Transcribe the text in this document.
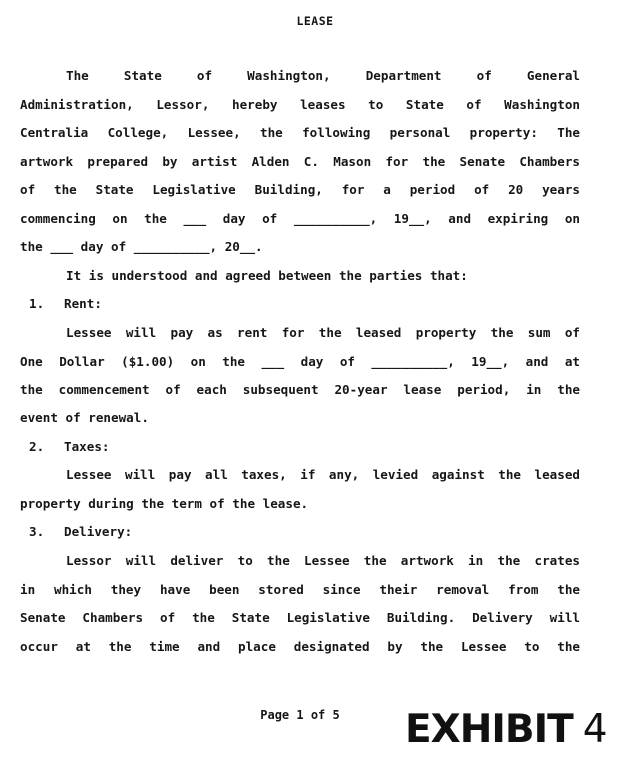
LEASE
The State of Washington, Department of General
Administration, Lessor, hereby leases to State of Washington
Centralia College, Lessee, the following personal property: The
artwork prepared by artist Alden C. Mason for the Senate Chambers
of the State Legislative Building, for a period of 20 years
commencing on the ___ day of __________, 19__, and expiring on
the ___ day of __________, 20__.
It is understood and agreed between the parties that:
1. Rent:
Lessee will pay as rent for the leased property the sum of
One Dollar ($1.00) on the ___ day of __________, 19__, and at
the commencement of each subsequent 20-year lease period, in the
event of renewal.
2. Taxes:
Lessee will pay all taxes, if any, levied against the leased
property during the term of the lease.
3. Delivery:
Lessor will deliver to the Lessee the artwork in the crates
in which they have been stored since their removal from the
Senate Chambers of the State Legislative Building. Delivery will
occur at the time and place designated by the Lessee to the
Page 1 of 5	EXHIBIT 4
